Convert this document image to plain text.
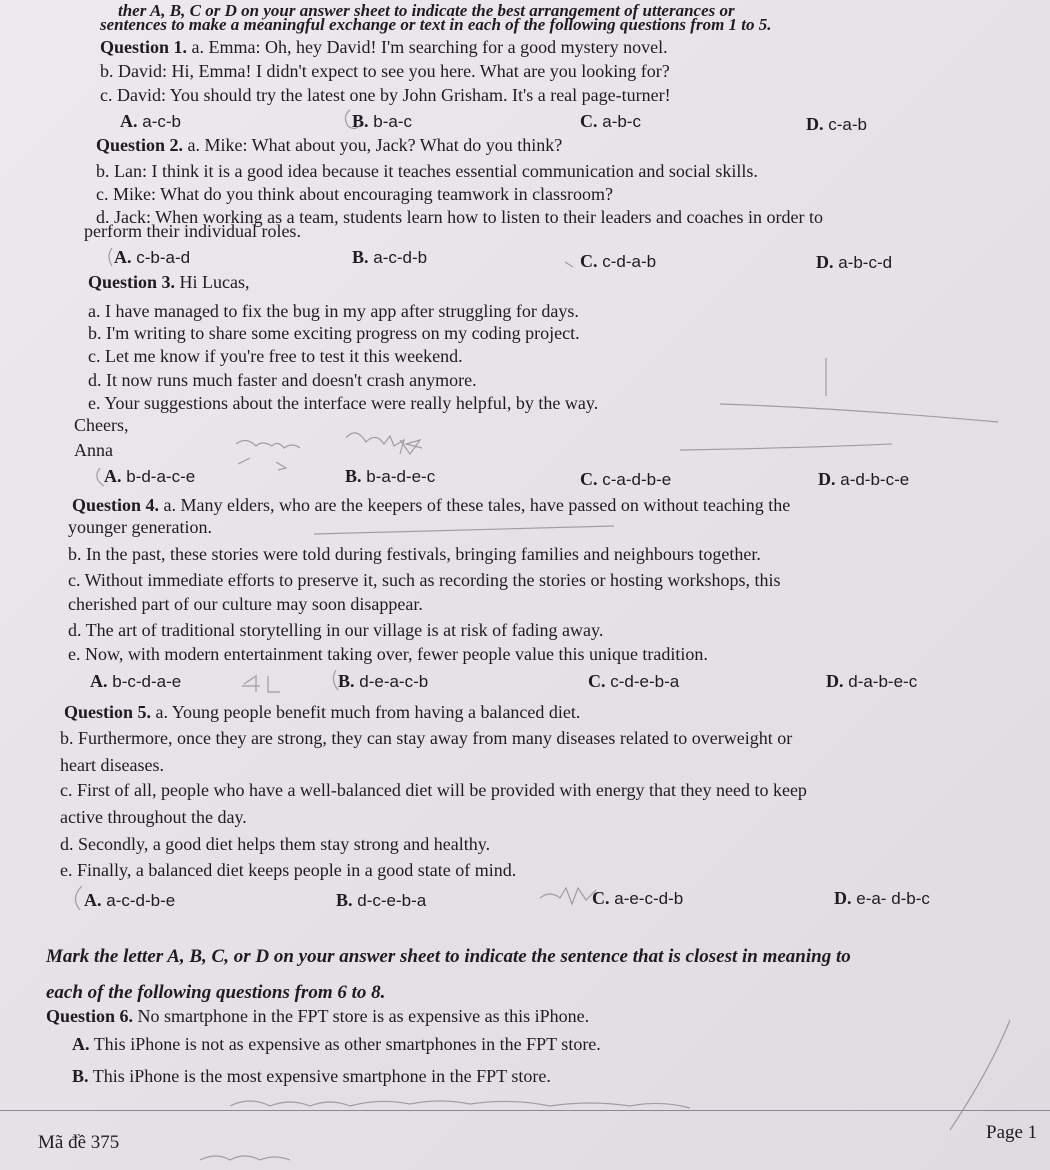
ther A, B, C or D on your answer sheet to indicate the best arrangement of utterances or
sentences to make a meaningful exchange or text in each of the following questions from 1 to 5.
Question 1. a. Emma: Oh, hey David! I'm searching for a good mystery novel.
b. David: Hi, Emma! I didn't expect to see you here. What are you looking for?
c. David: You should try the latest one by John Grisham. It's a real page-turner!
A. a-c-b	B. b-a-c	C. a-b-c	D. c-a-b
Question 2. a. Mike: What about you, Jack? What do you think?
b. Lan: I think it is a good idea because it teaches essential communication and social skills.
c. Mike: What do you think about encouraging teamwork in classroom?
d. Jack: When working as a team, students learn how to listen to their leaders and coaches in order to
perform their individual roles.
A. c-b-a-d	B. a-c-d-b	C. c-d-a-b	D. a-b-c-d
Question 3. Hi Lucas,
a. I have managed to fix the bug in my app after struggling for days.
b. I'm writing to share some exciting progress on my coding project.
c. Let me know if you're free to test it this weekend.
d. It now runs much faster and doesn't crash anymore.
e. Your suggestions about the interface were really helpful, by the way.
Cheers,
Anna
A. b-d-a-c-e	B. b-a-d-e-c	C. c-a-d-b-e	D. a-d-b-c-e
Question 4. a. Many elders, who are the keepers of these tales, have passed on without teaching the
younger generation.
b. In the past, these stories were told during festivals, bringing families and neighbours together.
c. Without immediate efforts to preserve it, such as recording the stories or hosting workshops, this
cherished part of our culture may soon disappear.
d. The art of traditional storytelling in our village is at risk of fading away.
e. Now, with modern entertainment taking over, fewer people value this unique tradition.
A. b-c-d-a-e	B. d-e-a-c-b	C. c-d-e-b-a	D. d-a-b-e-c
Question 5. a. Young people benefit much from having a balanced diet.
b. Furthermore, once they are strong, they can stay away from many diseases related to overweight or
heart diseases.
c. First of all, people who have a well-balanced diet will be provided with energy that they need to keep
active throughout the day.
d. Secondly, a good diet helps them stay strong and healthy.
e. Finally, a balanced diet keeps people in a good state of mind.
A. a-c-d-b-e	B. d-c-e-b-a	C. a-e-c-d-b	D. e-a- d-b-c
Mark the letter A, B, C, or D on your answer sheet to indicate the sentence that is closest in meaning to
each of the following questions from 6 to 8.
Question 6. No smartphone in the FPT store is as expensive as this iPhone.
A. This iPhone is not as expensive as other smartphones in the FPT store.
B. This iPhone is the most expensive smartphone in the FPT store.
Mã đề 375	Page 1
